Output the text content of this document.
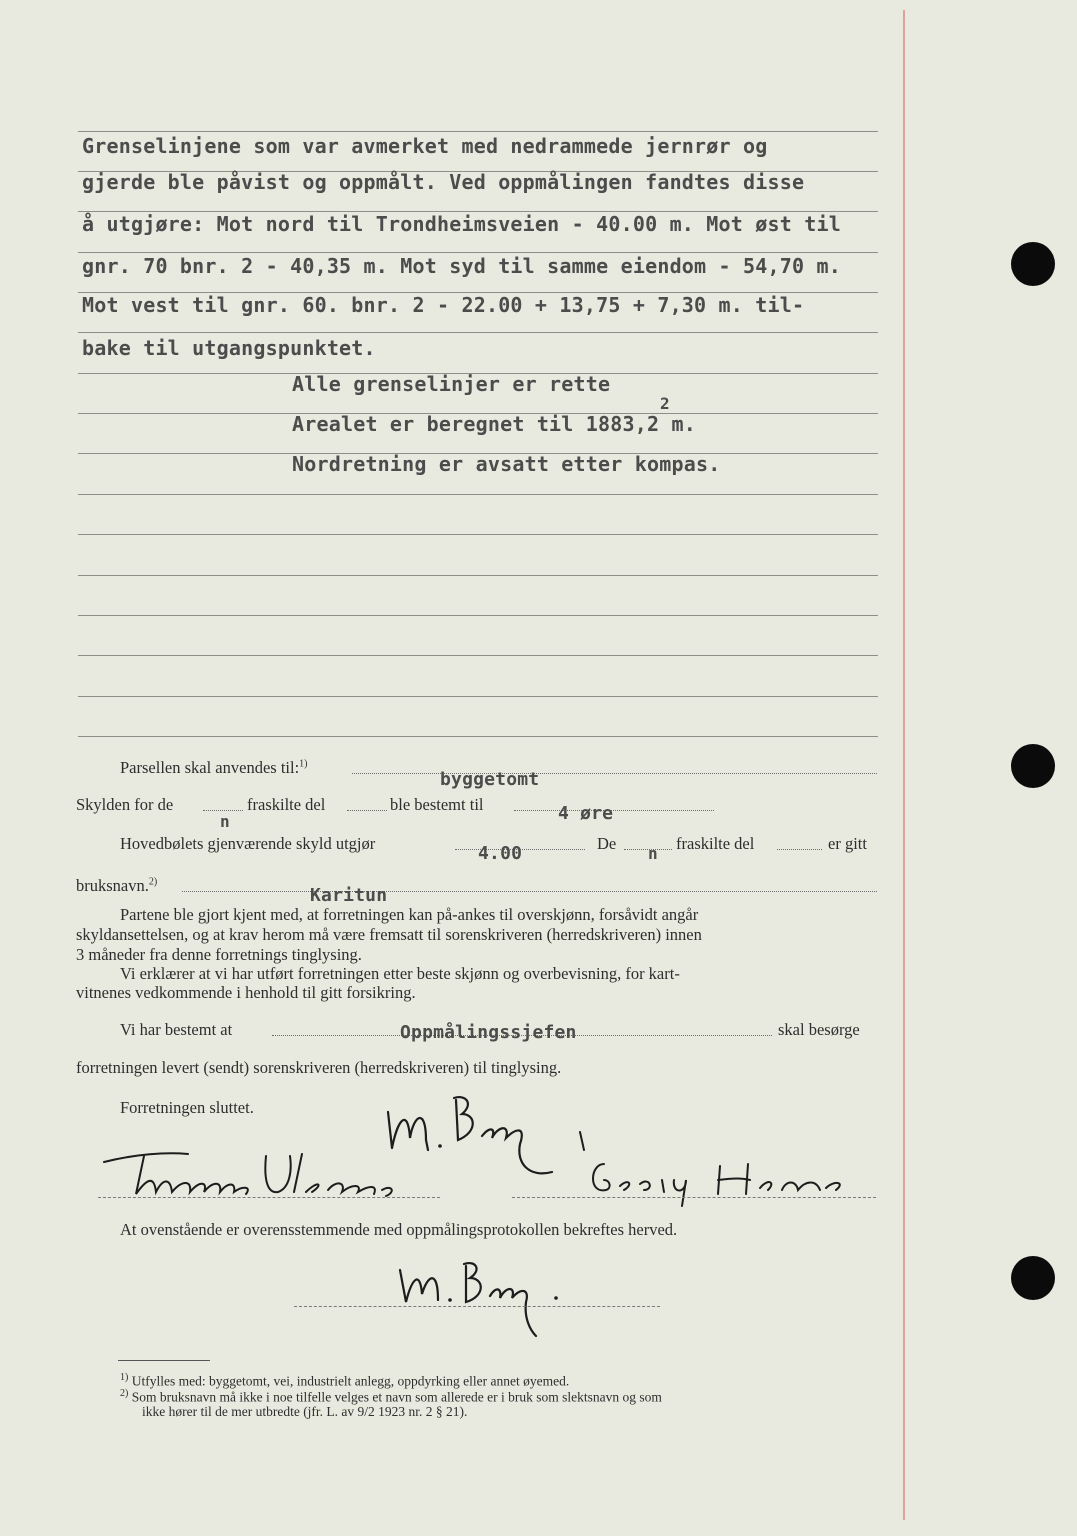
Grenselinjene som var avmerket med nedrammede jernrør og
gjerde ble påvist og oppmålt. Ved oppmålingen fandtes disse
å utgjøre: Mot nord til Trondheimsveien - 40.00 m. Mot øst til
gnr. 70 bnr. 2 - 40,35 m. Mot syd til samme eiendom - 54,70 m.
Mot vest til gnr. 60. bnr. 2 - 22.00 + 13,75 + 7,30 m. til-
bake til utgangspunktet.
Alle grenselinjer er rette
2
Arealet er beregnet til 1883,2 m.
Nordretning er avsatt etter kompas.
Parsellen skal anvendes til:$^{1)}$
byggetomt
Skylden for de
n
fraskilte del	ble bestemt til	4 øre
Hovedbølets gjenværende skyld utgjør	4.00	De
n
fraskilte del	er gitt
bruksnavn.$^{2)}$
Karitun
Partene ble gjort kjent med, at forretningen kan på-ankes til overskjønn, forsåvidt angår
skyldansettelsen, og at krav herom må være fremsatt til sorenskriveren (herredskriveren) innen
3 måneder fra denne forretnings tinglysing.
Vi erklærer at vi har utført forretningen etter beste skjønn og overbevisning, for kart-
vitnenes vedkommende i henhold til gitt forsikring.
Vi har bestemt at	Oppmålingssjefen	skal besørge
forretningen levert (sendt) sorenskriveren (herredskriveren) til tinglysing.
Forretningen sluttet.
At ovenstående er overensstemmende med oppmålingsprotokollen bekreftes herved.
$^{1)}$ Utfylles med: byggetomt, vei, industrielt anlegg, oppdyrking eller annet øyemed.
$^{2)}$ Som bruksnavn må ikke i noe tilfelle velges et navn som allerede er i bruk som slektsnavn og som
ikke hører til de mer utbredte (jfr. L. av 9/2 1923 nr. 2 § 21).
